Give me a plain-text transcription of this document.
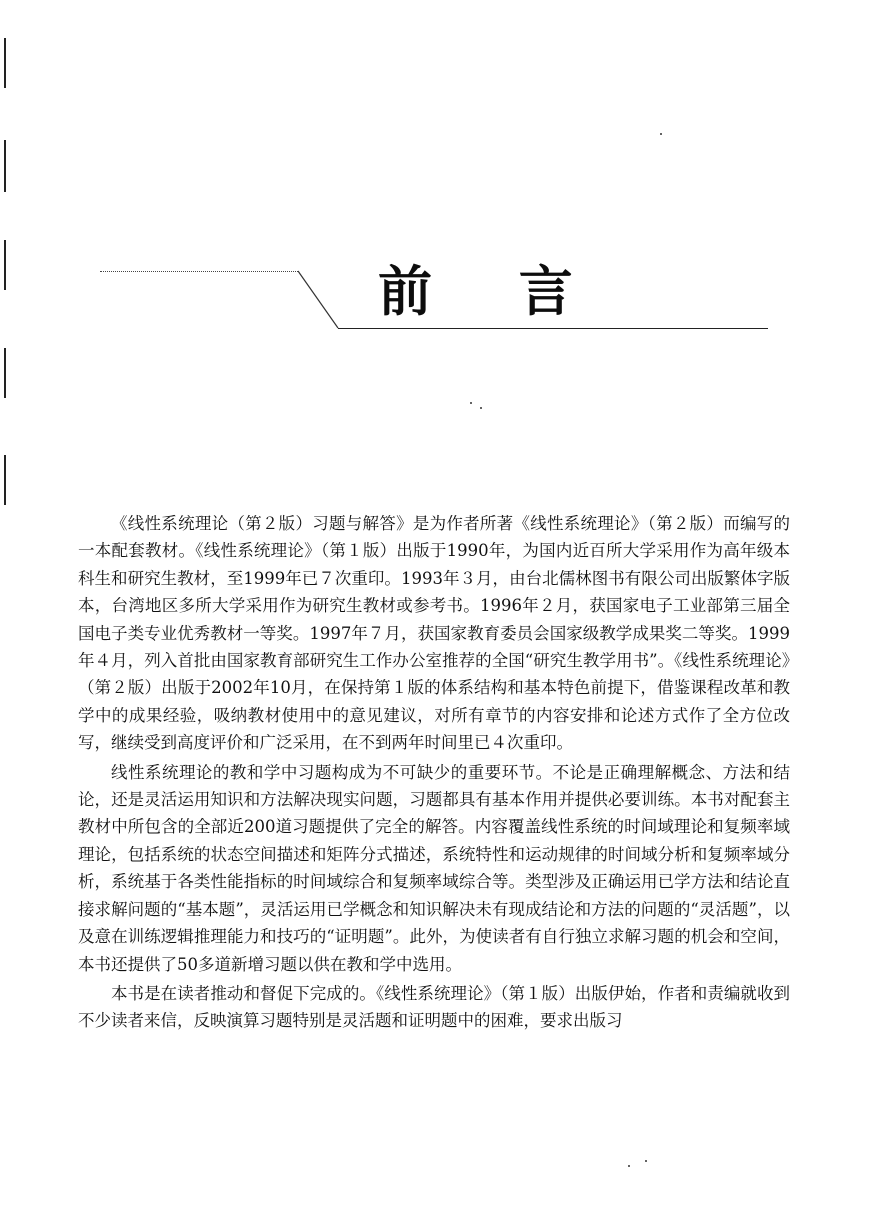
前 言

《线性系统理论（第２版）习题与解答》是为作者所著《线性系统理论》（第２版）而编写的一本配套教材。《线性系统理论》（第１版）出版于1990年，为国内近百所大学采用作为高年级本科生和研究生教材，至1999年已７次重印。1993年３月，由台北儒林图书有限公司出版繁体字版本，台湾地区多所大学采用作为研究生教材或参考书。1996年２月，获国家电子工业部第三届全国电子类专业优秀教材一等奖。1997年７月，获国家教育委员会国家级教学成果奖二等奖。1999年４月，列入首批由国家教育部研究生工作办公室推荐的全国“研究生教学用书”。《线性系统理论》（第２版）出版于2002年10月，在保持第１版的体系结构和基本特色前提下，借鉴课程改革和教学中的成果经验，吸纳教材使用中的意见建议，对所有章节的内容安排和论述方式作了全方位改写，继续受到高度评价和广泛采用，在不到两年时间里已４次重印。

线性系统理论的教和学中习题构成为不可缺少的重要环节。不论是正确理解概念、方法和结论，还是灵活运用知识和方法解决现实问题，习题都具有基本作用并提供必要训练。本书对配套主教材中所包含的全部近200道习题提供了完全的解答。内容覆盖线性系统的时间域理论和复频率域理论，包括系统的状态空间描述和矩阵分式描述，系统特性和运动规律的时间域分析和复频率域分析，系统基于各类性能指标的时间域综合和复频率域综合等。类型涉及正确运用已学方法和结论直接求解问题的“基本题”，灵活运用已学概念和知识解决未有现成结论和方法的问题的“灵活题”，以及意在训练逻辑推理能力和技巧的“证明题”。此外，为使读者有自行独立求解习题的机会和空间，本书还提供了50多道新增习题以供在教和学中选用。

本书是在读者推动和督促下完成的。《线性系统理论》（第１版）出版伊始，作者和责编就收到不少读者来信，反映演算习题特别是灵活题和证明题中的困难，要求出版习
